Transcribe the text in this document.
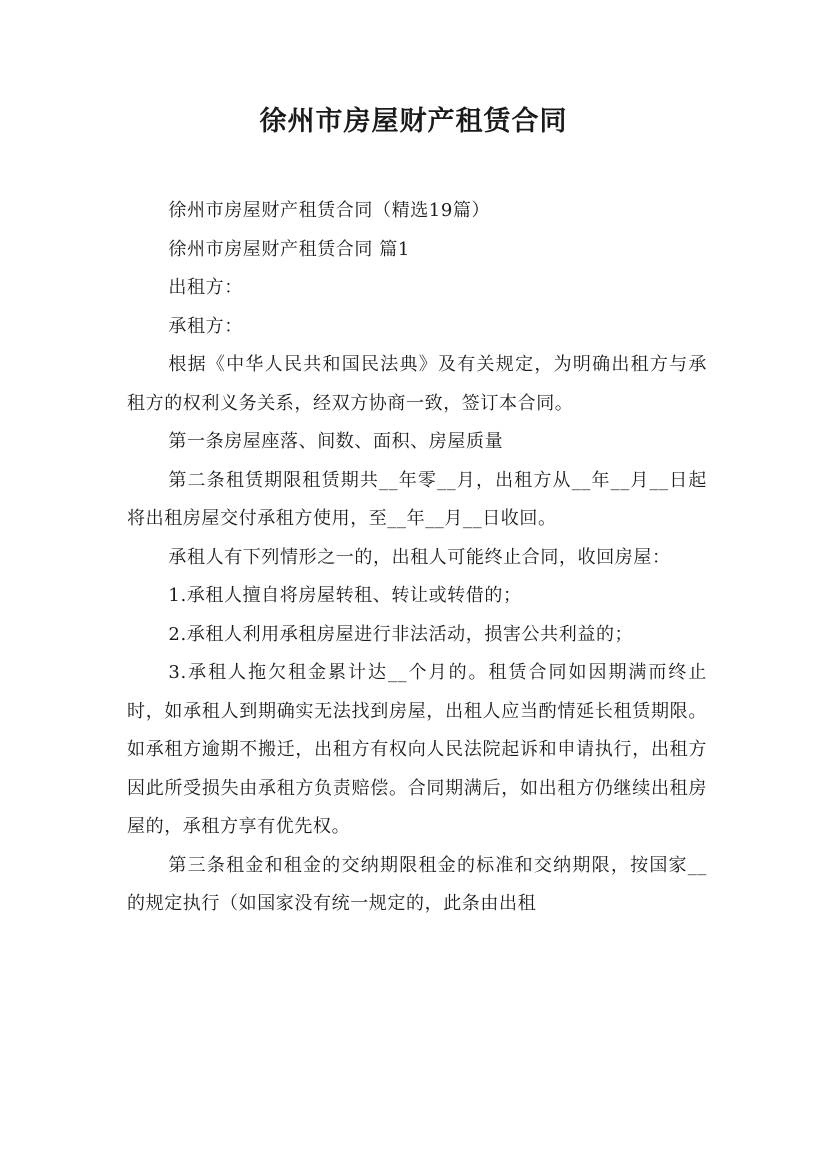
徐州市房屋财产租赁合同

徐州市房屋财产租赁合同（精选19篇）

徐州市房屋财产租赁合同 篇1

出租方：

承租方：

根据《中华人民共和国民法典》及有关规定，为明确出租方与承租方的权利义务关系，经双方协商一致，签订本合同。

第一条房屋座落、间数、面积、房屋质量

第二条租赁期限租赁期共__年零__月，出租方从__年__月__日起将出租房屋交付承租方使用，至__年__月__日收回。

承租人有下列情形之一的，出租人可能终止合同，收回房屋：

1.承租人擅自将房屋转租、转让或转借的；

2.承租人利用承租房屋进行非法活动，损害公共利益的；

3.承租人拖欠租金累计达__个月的。租赁合同如因期满而终止时，如承租人到期确实无法找到房屋，出租人应当酌情延长租赁期限。如承租方逾期不搬迁，出租方有权向人民法院起诉和申请执行，出租方因此所受损失由承租方负责赔偿。合同期满后，如出租方仍继续出租房屋的，承租方享有优先权。

第三条租金和租金的交纳期限租金的标准和交纳期限，按国家__的规定执行（如国家没有统一规定的，此条由出租
